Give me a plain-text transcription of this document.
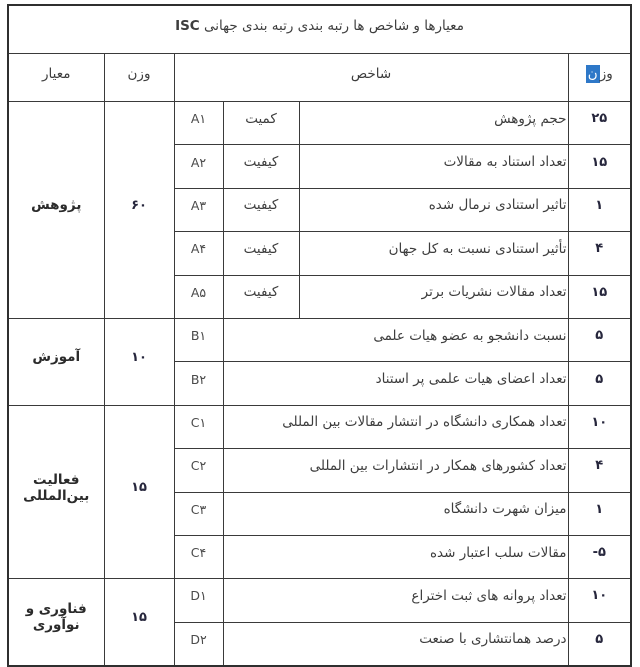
معیارها و شاخص ها رتبه بندی رتبه بندی جهانی ISC					
معیار	وزن	شاخص			وزن
پژوهش	۶۰	A۱	کمیت	حجم پژوهش	۲۵
		A۲	کیفیت	تعداد استناد به مقالات	۱۵
		A۳	کیفیت	تاثیر استنادی نرمال شده	۱
		A۴	کیفیت	تأثیر استنادی نسبت به کل جهان	۴
		A۵	کیفیت	تعداد مقالات نشریات برتر	۱۵
آموزش	۱۰	B۱	نسبت دانشجو به عضو هیات علمی		۵
		B۲	تعداد اعضای هیات علمی پر استناد		۵
فعالیت بین‌المللی	۱۵	C۱	تعداد همکاری دانشگاه در انتشار مقالات بین المللی		۱۰
		C۲	تعداد کشورهای همکار در انتشارات بین المللی		۴
		C۳	میزان شهرت دانشگاه		۱
		C۴	مقالات سلب اعتبار شده		-۵
فناوری و نوآوری	۱۵	D۱	تعداد پروانه های ثبت اختراع		۱۰
		D۲	درصد همانتشاری با صنعت		۵
